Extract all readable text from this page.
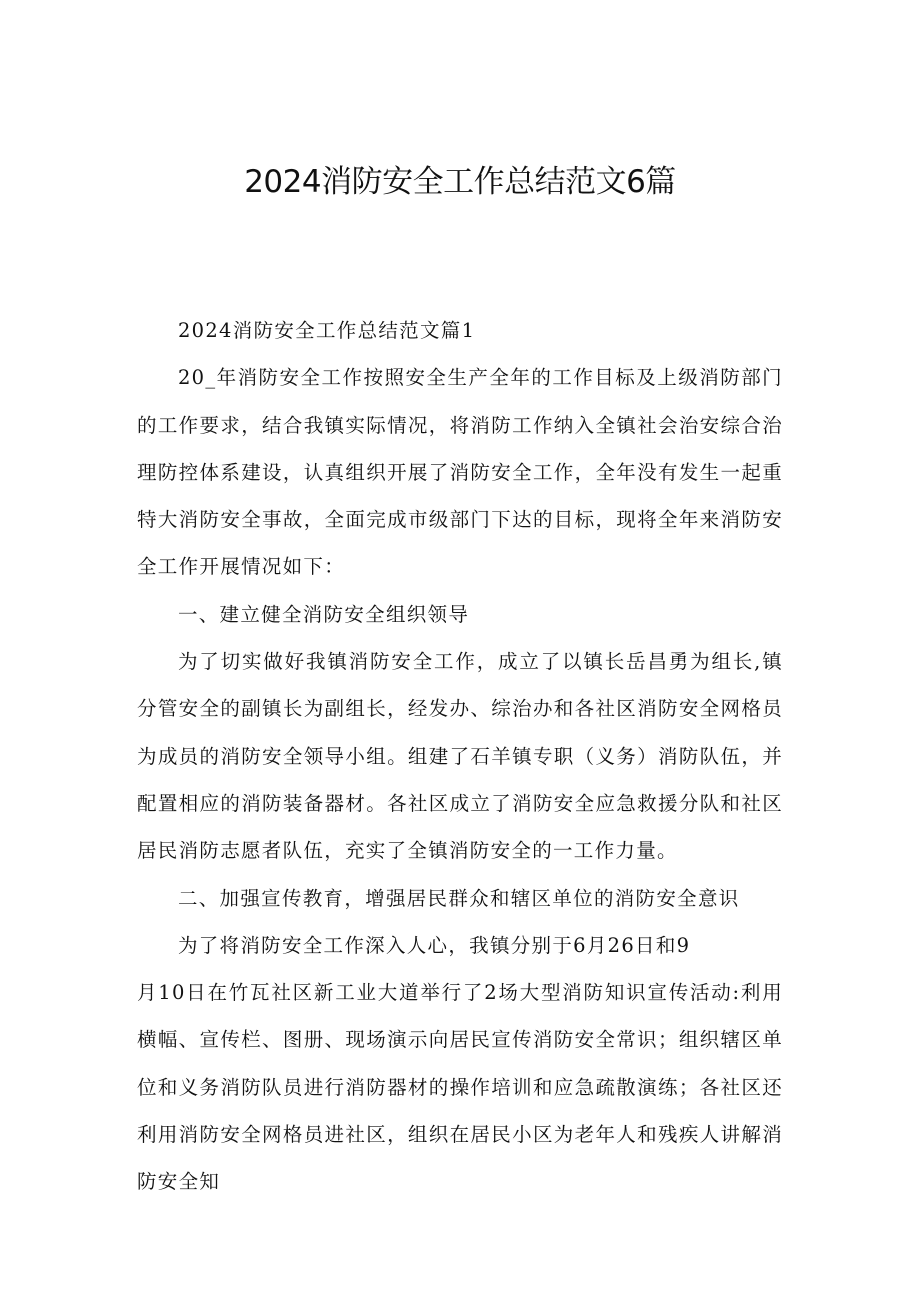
2024消防安全工作总结范文6篇

2024消防安全工作总结范文篇1

20_年消防安全工作按照安全生产全年的工作目标及上级消防部门的工作要求，结合我镇实际情况，将消防工作纳入全镇社会治安综合治理防控体系建设，认真组织开展了消防安全工作，全年没有发生一起重特大消防安全事故，全面完成市级部门下达的目标，现将全年来消防安全工作开展情况如下：

一、建立健全消防安全组织领导

为了切实做好我镇消防安全工作，成立了以镇长岳昌勇为组长,镇分管安全的副镇长为副组长，经发办、综治办和各社区消防安全网格员为成员的消防安全领导小组。组建了石羊镇专职（义务）消防队伍，并配置相应的消防装备器材。各社区成立了消防安全应急救援分队和社区居民消防志愿者队伍，充实了全镇消防安全的一工作力量。

二、加强宣传教育，增强居民群众和辖区单位的消防安全意识

为了将消防安全工作深入人心，我镇分别于6月26日和9

月10日在竹瓦社区新工业大道举行了2场大型消防知识宣传活动:利用横幅、宣传栏、图册、现场演示向居民宣传消防安全常识；组织辖区单位和义务消防队员进行消防器材的操作培训和应急疏散演练；各社区还利用消防安全网格员进社区，组织在居民小区为老年人和残疾人讲解消防安全知
